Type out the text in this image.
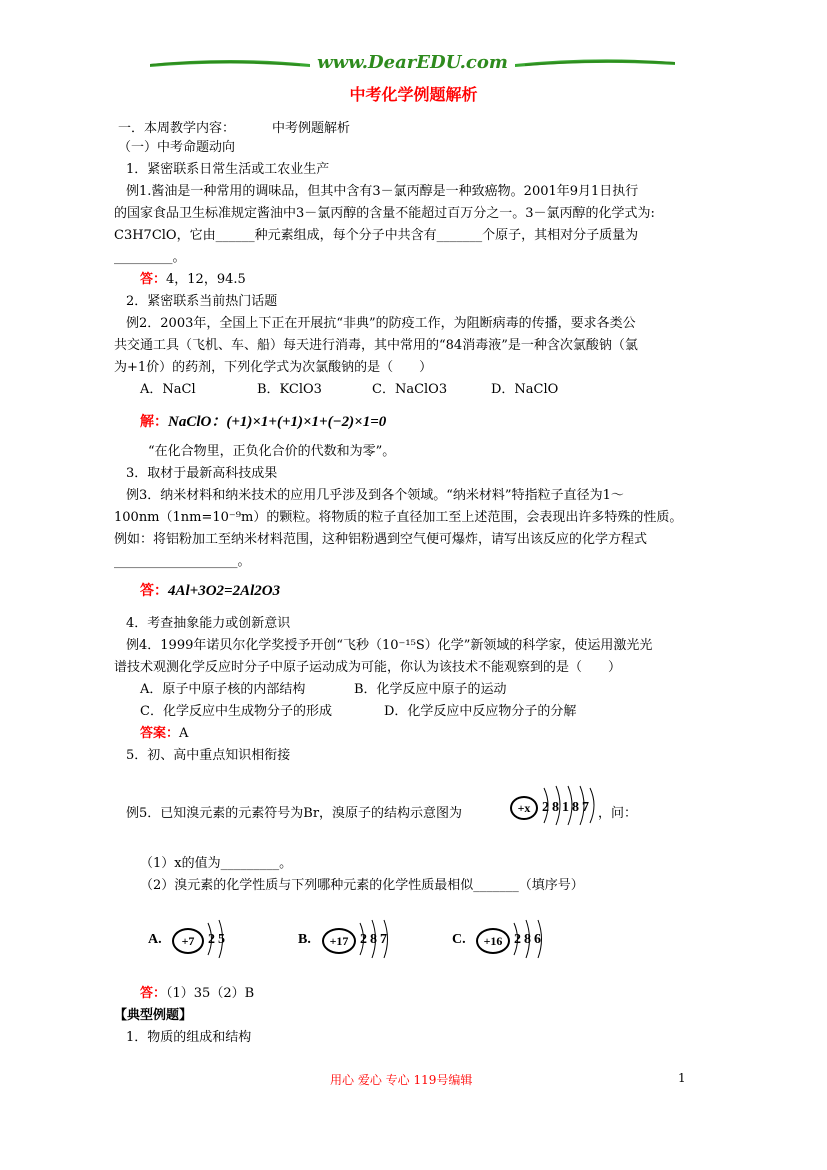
www.DearEDU.com
中考化学例题解析
一．本周教学内容：	中考例题解析
（一）中考命题动向
1．紧密联系日常生活或工农业生产
例1.酱油是一种常用的调味品，但其中含有3－氯丙醇是一种致癌物。2001年9月1日执行
的国家食品卫生标准规定酱油中3－氯丙醇的含量不能超过百万分之一。3－氯丙醇的化学式为:
C3H7ClO，它由______种元素组成，每个分子中共含有_______个原子，其相对分子质量为
_________。
答：4，12，94.5
2．紧密联系当前热门话题
例2．2003年，全国上下正在开展抗“非典”的防疫工作，为阻断病毒的传播，要求各类公
共交通工具（飞机、车、船）每天进行消毒，其中常用的“84消毒液”是一种含次氯酸钠（氯
为+1价）的药剂，下列化学式为次氯酸钠的是（　　）
A．NaCl	B．KClO3	C．NaClO3	D．NaClO
解：NaClO：(+1)×1+(+1)×1+(−2)×1=0
“在化合物里，正负化合价的代数和为零”。
3．取材于最新高科技成果
例3．纳米材料和纳米技术的应用几乎涉及到各个领域。“纳米材料”特指粒子直径为1～
100nm（1nm=10⁻⁹m）的颗粒。将物质的粒子直径加工至上述范围，会表现出许多特殊的性质。
例如：将铝粉加工至纳米材料范围，这种铝粉遇到空气便可爆炸，请写出该反应的化学方程式
___________________。
答：4Al+3O2=2Al2O3
4．考查抽象能力或创新意识
例4．1999年诺贝尔化学奖授予开创“飞秒（10⁻¹⁵S）化学”新领域的科学家，使运用激光光
谱技术观测化学反应时分子中原子运动成为可能，你认为该技术不能观察到的是（　　）
A．原子中原子核的内部结构	B．化学反应中原子的运动
C．化学反应中生成物分子的形成	D．化学反应中反应物分子的分解
答案：A
5．初、高中重点知识相衔接
例5．已知溴元素的元素符号为Br，溴原子的结构示意图为	+x 28187 ，问：
（1）x的值为_________。
（2）溴元素的化学性质与下列哪种元素的化学性质最相似_______（填序号）
A.	+7 25	B.	+17 287	C.	+16 286
答：（1）35（2）B
【典型例题】
1．物质的组成和结构
用心 爱心 专心 119号编辑	1
